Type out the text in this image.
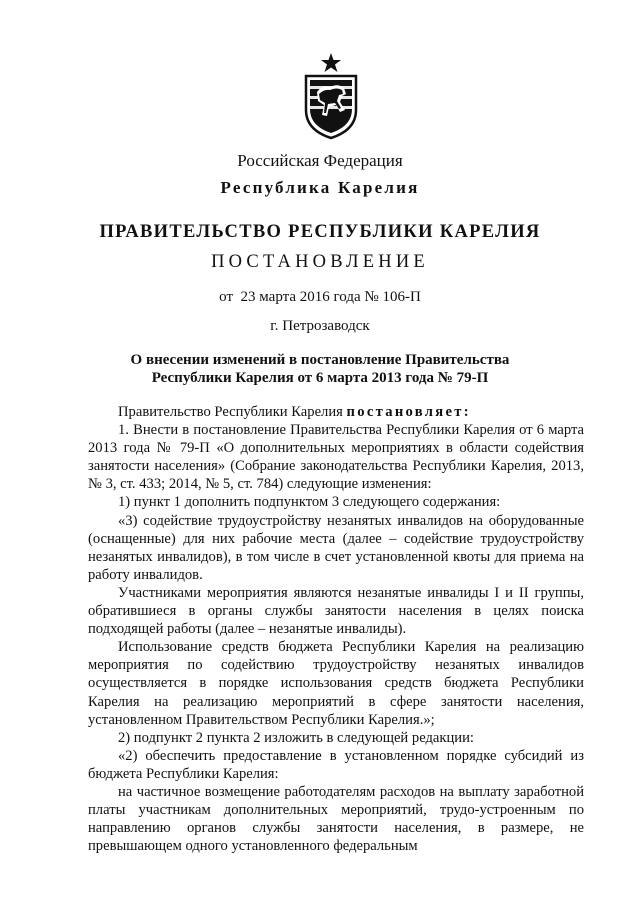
Российская Федерация
Республика Карелия
ПРАВИТЕЛЬСТВО РЕСПУБЛИКИ КАРЕЛИЯ
ПОСТАНОВЛЕНИЕ
от  23 марта 2016 года № 106-П
г. Петрозаводск
О внесении изменений в постановление Правительства
Республики Карелия от 6 марта 2013 года № 79-П

Правительство Республики Карелия постановляет:

1. Внести в постановление Правительства Республики Карелия от 6 марта 2013 года № 79-П «О дополнительных мероприятиях в области содействия занятости населения» (Собрание законодательства Республики Карелия, 2013, № 3, ст. 433; 2014, № 5, ст. 784) следующие изменения:

1) пункт 1 дополнить подпунктом 3 следующего содержания:

«3) содействие трудоустройству незанятых инвалидов на оборудованные (оснащенные) для них рабочие места (далее – содействие трудоустройству незанятых инвалидов), в том числе в счет установленной квоты для приема на работу инвалидов.

Участниками мероприятия являются незанятые инвалиды I и II группы, обратившиеся в органы службы занятости населения в целях поиска подходящей работы (далее – незанятые инвалиды).

Использование средств бюджета Республики Карелия на реализацию мероприятия по содействию трудоустройству незанятых инвалидов осуществляется в порядке использования средств бюджета Республики Карелия на реализацию мероприятий в сфере занятости населения, установленном Правительством Республики Карелия.»;

2) подпункт 2 пункта 2 изложить в следующей редакции:

«2) обеспечить предоставление в установленном порядке субсидий из бюджета Республики Карелия:

на частичное возмещение работодателям расходов на выплату заработной платы участникам дополнительных мероприятий, трудо-устроенным по направлению органов службы занятости населения, в размере, не превышающем одного установленного федеральным
